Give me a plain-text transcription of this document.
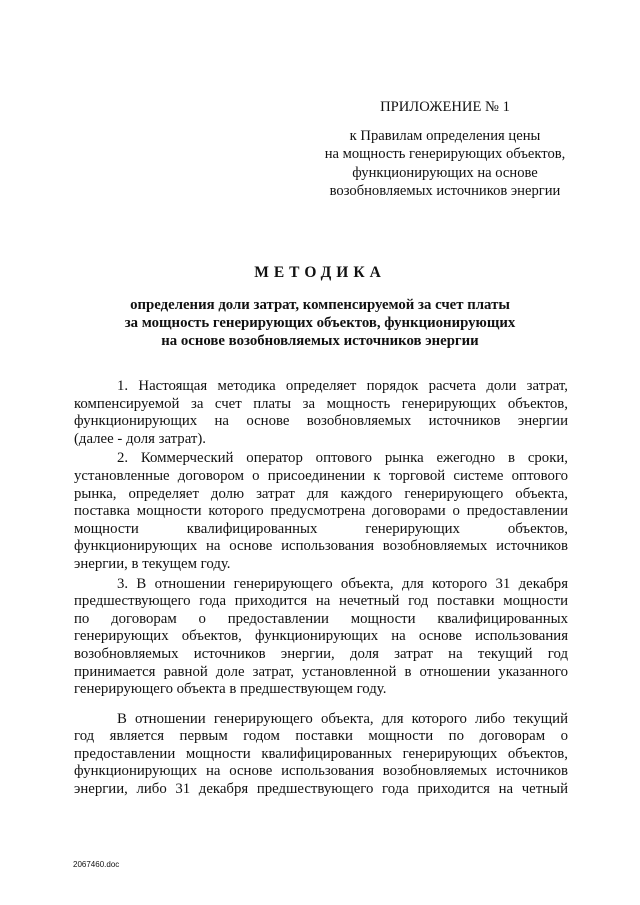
ПРИЛОЖЕНИЕ № 1
к Правилам определения цены
на мощность генерирующих объектов,
функционирующих на основе
возобновляемых источников энергии
МЕТОДИКА
определения доли затрат, компенсируемой за счет платы
за мощность генерирующих объектов, функционирующих
на основе возобновляемых источников энергии

1. Настоящая методика определяет порядок расчета доли затрат,
компенсируемой за счет платы за мощность генерирующих объектов,
функционирующих на основе возобновляемых источников энергии
(далее - доля затрат).

2. Коммерческий оператор оптового рынка ежегодно в сроки,
установленные договором о присоединении к торговой системе оптового
рынка, определяет долю затрат для каждого генерирующего объекта,
поставка мощности которого предусмотрена договорами о предоставлении
мощности квалифицированных генерирующих объектов,
функционирующих на основе использования возобновляемых источников
энергии, в текущем году.

3. В отношении генерирующего объекта, для которого 31 декабря
предшествующего года приходится на нечетный год поставки мощности
по договорам о предоставлении мощности квалифицированных
генерирующих объектов, функционирующих на основе использования
возобновляемых источников энергии, доля затрат на текущий год
принимается равной доле затрат, установленной в отношении указанного
генерирующего объекта в предшествующем году.

В отношении генерирующего объекта, для которого либо текущий
год является первым годом поставки мощности по договорам о
предоставлении мощности квалифицированных генерирующих объектов,
функционирующих на основе использования возобновляемых источников
энергии, либо 31 декабря предшествующего года приходится на четный

2067460.doc
